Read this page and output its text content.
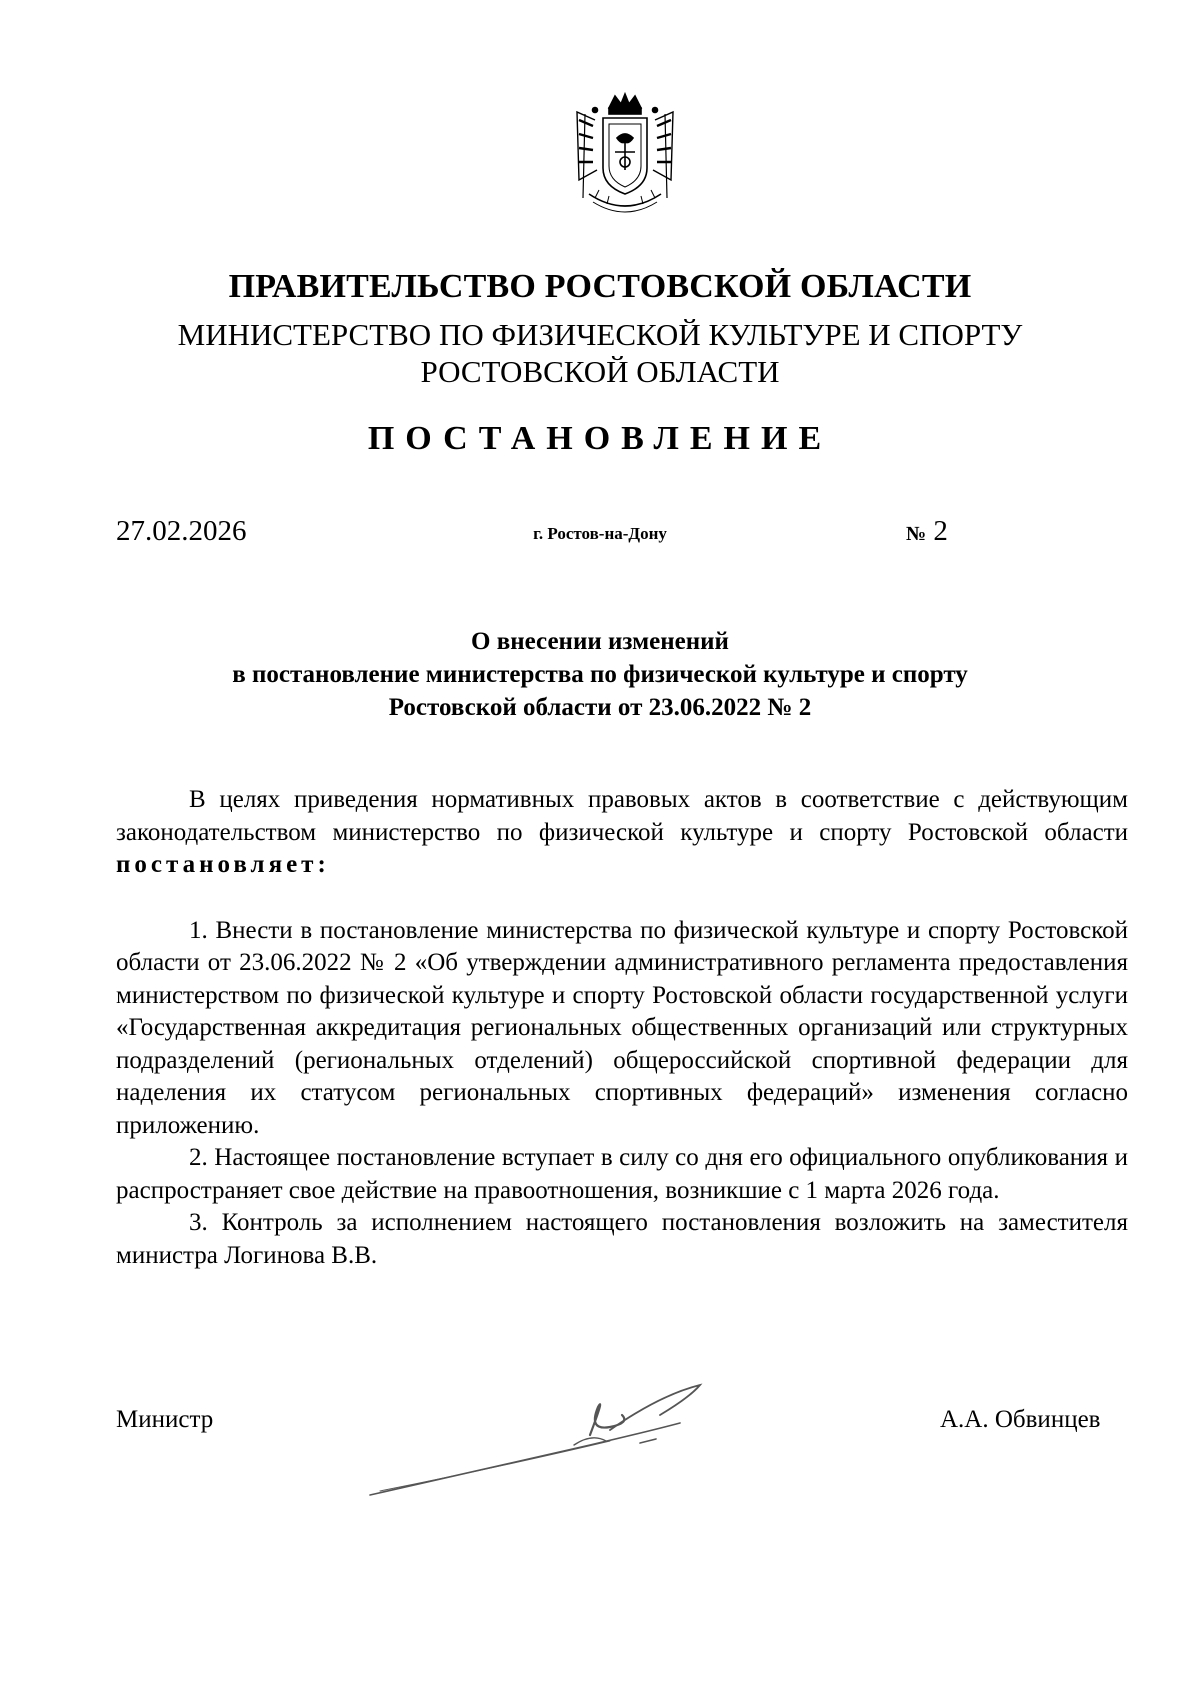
ПРАВИТЕЛЬСТВО РОСТОВСКОЙ ОБЛАСТИ
МИНИСТЕРСТВО ПО ФИЗИЧЕСКОЙ КУЛЬТУРЕ И СПОРТУ
РОСТОВСКОЙ ОБЛАСТИ
ПОСТАНОВЛЕНИЕ
27.02.2026	г. Ростов-на-Дону	№ 2
О внесении изменений
в постановление министерства по физической культуре и спорту
Ростовской области от 23.06.2022 № 2

В целях приведения нормативных правовых актов в соответствие с действующим законодательством министерство по физической культуре и спорту Ростовской области постановляет:

1. Внести в постановление министерства по физической культуре и спорту Ростовской области от 23.06.2022 № 2 «Об утверждении административного регламента предоставления министерством по физической культуре и спорту Ростовской области государственной услуги «Государственная аккредитация региональных общественных организаций или структурных подразделений (региональных отделений) общероссийской спортивной федерации для наделения их статусом региональных спортивных федераций» изменения согласно приложению.

2. Настоящее постановление вступает в силу со дня его официального опубликования и распространяет свое действие на правоотношения, возникшие с 1 марта 2026 года.

3. Контроль за исполнением настоящего постановления возложить на заместителя министра Логинова В.В.

Министр	А.А. Обвинцев
